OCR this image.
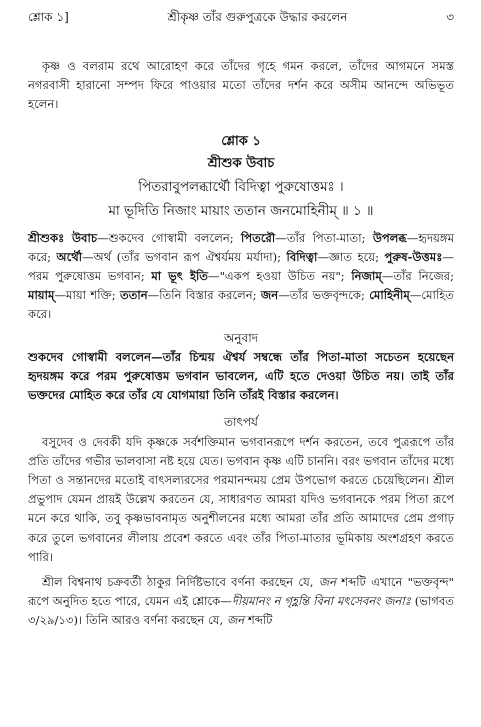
শ্লোক ১]	শ্রীকৃষ্ণ তাঁর গুরুপুত্রকে উদ্ধার করলেন	৩

কৃষ্ণ ও বলরাম রথে আরোহণ করে তাঁদের গৃহে গমন করলে, তাঁদের আগমনে সমস্ত নগরবাসী হারানো সম্পদ ফিরে পাওয়ার মতো তাঁদের দর্শন করে অসীম আনন্দে অভিভূত হলেন।

শ্লোক ১
শ্রীশুক উবাচ
পিতরাবুপলব্ধার্থৌ বিদিত্বা পুরুষোত্তমঃ ।
মা ভূদিতি নিজাং মায়াং ততান জনমোহিনীম্ ॥ ১ ॥

শ্রীশুকঃ উবাচ—শুকদেব গোস্বামী বললেন; পিতরৌ—তাঁর পিতা-মাতা; উপলব্ধ—হৃদয়ঙ্গম করে; অর্থৌ—অর্থ (তাঁর ভগবান রূপ ঐশ্বর্যময় মর্যাদা); বিদিত্বা—জ্ঞাত হয়ে; পুরুষ-উত্তমঃ—পরম পুরুষোত্তম ভগবান; মা ভূৎ ইতি—"একপ হওয়া উচিত নয়"; নিজাম্—তাঁর নিজের; মায়াম্—মায়া শক্তি; ততান—তিনি বিস্তার করলেন; জন—তাঁর ভক্তবৃন্দকে; মোহিনীম্—মোহিত করে।

অনুবাদ

শুকদেব গোস্বামী বললেন—তাঁর চিন্ময় ঐশ্বর্য সম্বন্ধে তাঁর পিতা-মাতা সচেতন হয়েছেন হৃদয়ঙ্গম করে পরম পুরুষোত্তম ভগবান ভাবলেন, এটি হতে দেওয়া উচিত নয়। তাই তাঁর ভক্তদের মোহিত করে তাঁর যে যোগমায়া তিনি তাঁরই বিস্তার করলেন।

তাৎপর্য

বসুদেব ও দেবকী যদি কৃষ্ণকে সর্বশক্তিমান ভগবানরূপে দর্শন করতেন, তবে পুত্ররূপে তাঁর প্রতি তাঁদের গভীর ভালবাসা নষ্ট হয়ে যেত। ভগবান কৃষ্ণ এটি চাননি। বরং ভগবান তাঁদের মধ্যে পিতা ও সন্তানদের মতোই বাৎসল্যরসের পরমানন্দময় প্রেম উপভোগ করতে চেয়েছিলেন। শ্রীল প্রভুপাদ যেমন প্রায়ই উল্লেখ করতেন যে, সাধারণত আমরা যদিও ভগবানকে পরম পিতা রূপে মনে করে থাকি, তবু কৃষ্ণভাবনামৃত অনুশীলনের মধ্যে আমরা তাঁর প্রতি আমাদের প্রেম প্রগাঢ় করে তুলে ভগবানের লীলায় প্রবেশ করতে এবং তাঁর পিতা-মাতার ভূমিকায় অংশগ্রহণ করতে পারি।

শ্রীল বিশ্বনাথ চক্রবর্তী ঠাকুর নির্দিষ্টভাবে বর্ণনা করছেন যে, জন শব্দটি এখানে "ভক্তবৃন্দ" রূপে অনুদিত হতে পারে, যেমন এই শ্লোকে—দীয়মানং ন গৃহ্ণন্তি বিনা মৎসেবনং জনাঃ (ভাগবত ৩/২৯/১৩)। তিনি আরও বর্ণনা করছেন যে, জন শব্দটি
